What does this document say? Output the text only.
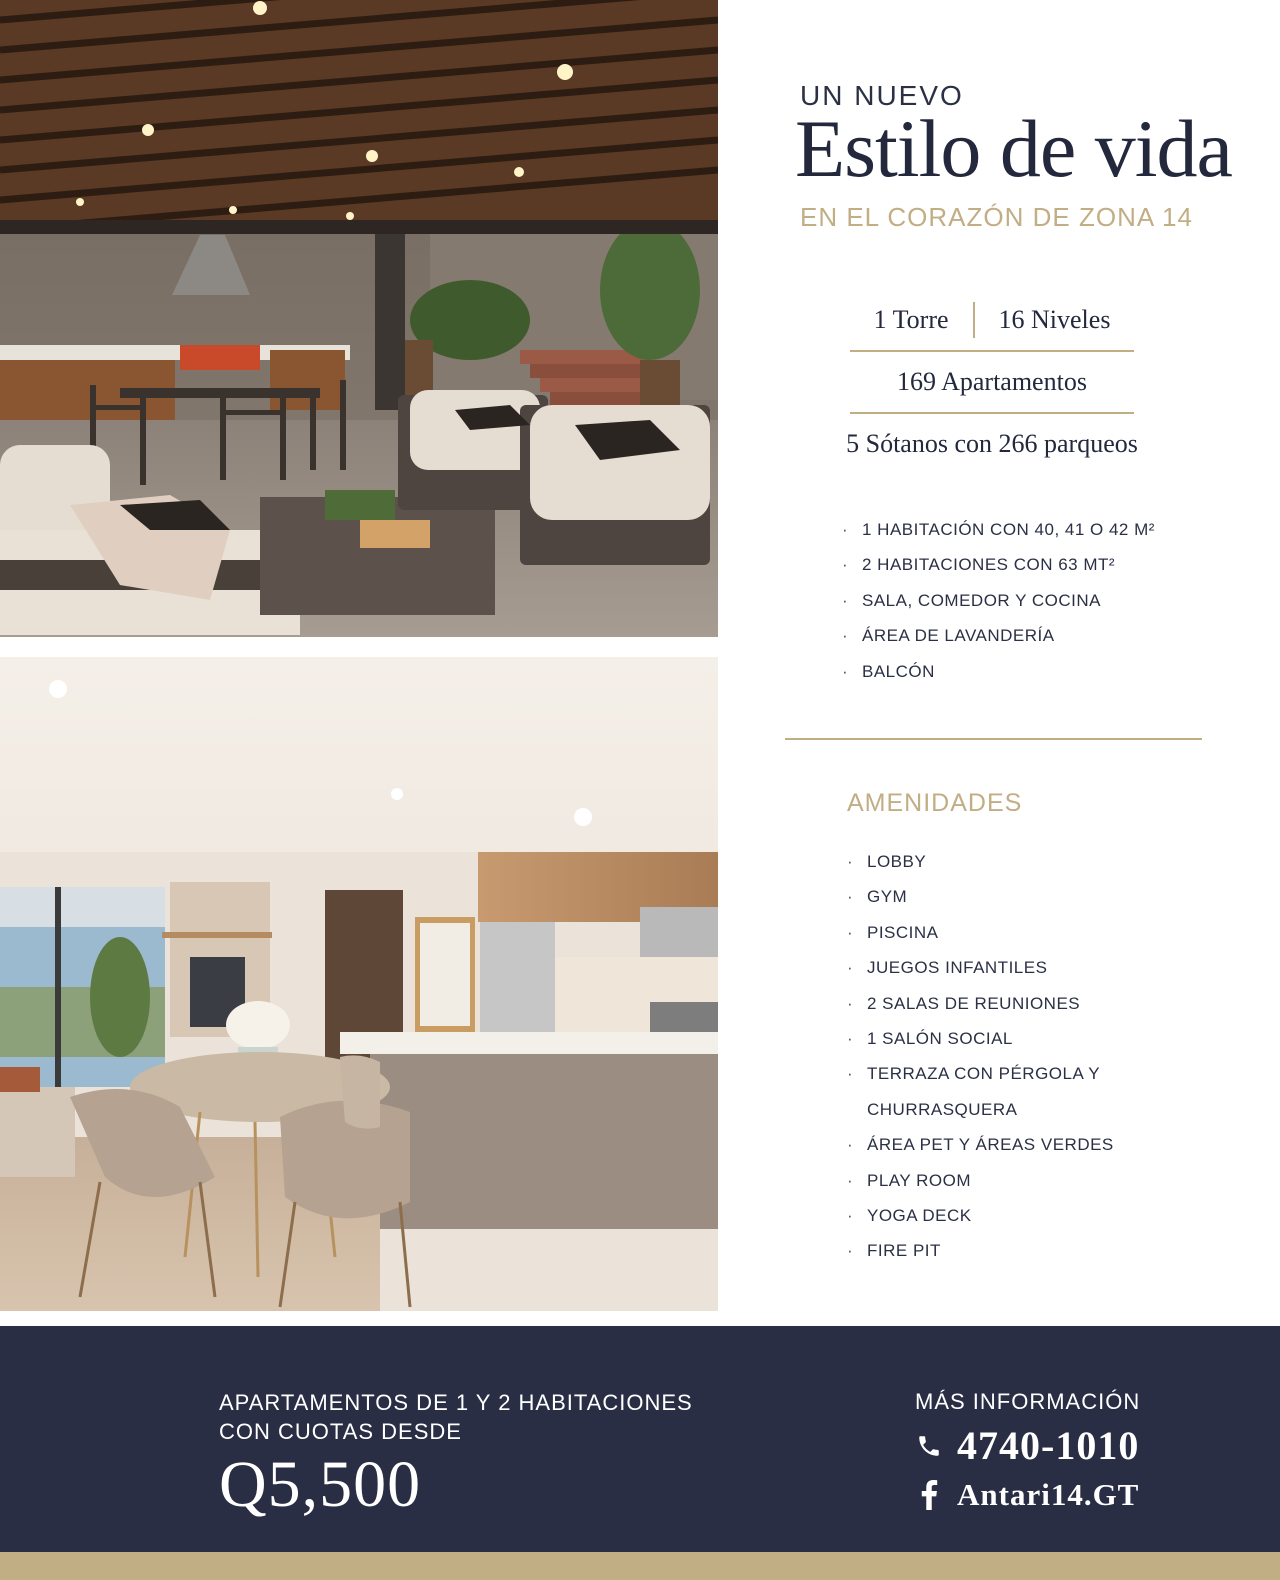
UN NUEVO
Estilo de vida
EN EL CORAZÓN DE ZONA 14
1 Torre 16 Niveles
169 Apartamentos
5 Sótanos con 266 parqueos
· 1 HABITACIÓN CON 40, 41 O 42 M²
· 2 HABITACIONES CON 63 MT²
· SALA, COMEDOR Y COCINA
· ÁREA DE LAVANDERÍA
· BALCÓN
AMENIDADES
· LOBBY
· GYM
· PISCINA
· JUEGOS INFANTILES
· 2 SALAS DE REUNIONES
· 1 SALÓN SOCIAL
· TERRAZA CON PÉRGOLA Y
CHURRASQUERA
· ÁREA PET Y ÁREAS VERDES
· PLAY ROOM
· YOGA DECK
· FIRE PIT
APARTAMENTOS DE 1 Y 2 HABITACIONES
CON CUOTAS DESDE
Q5,500
MÁS INFORMACIÓN
4740-1010
Antari14.GT
